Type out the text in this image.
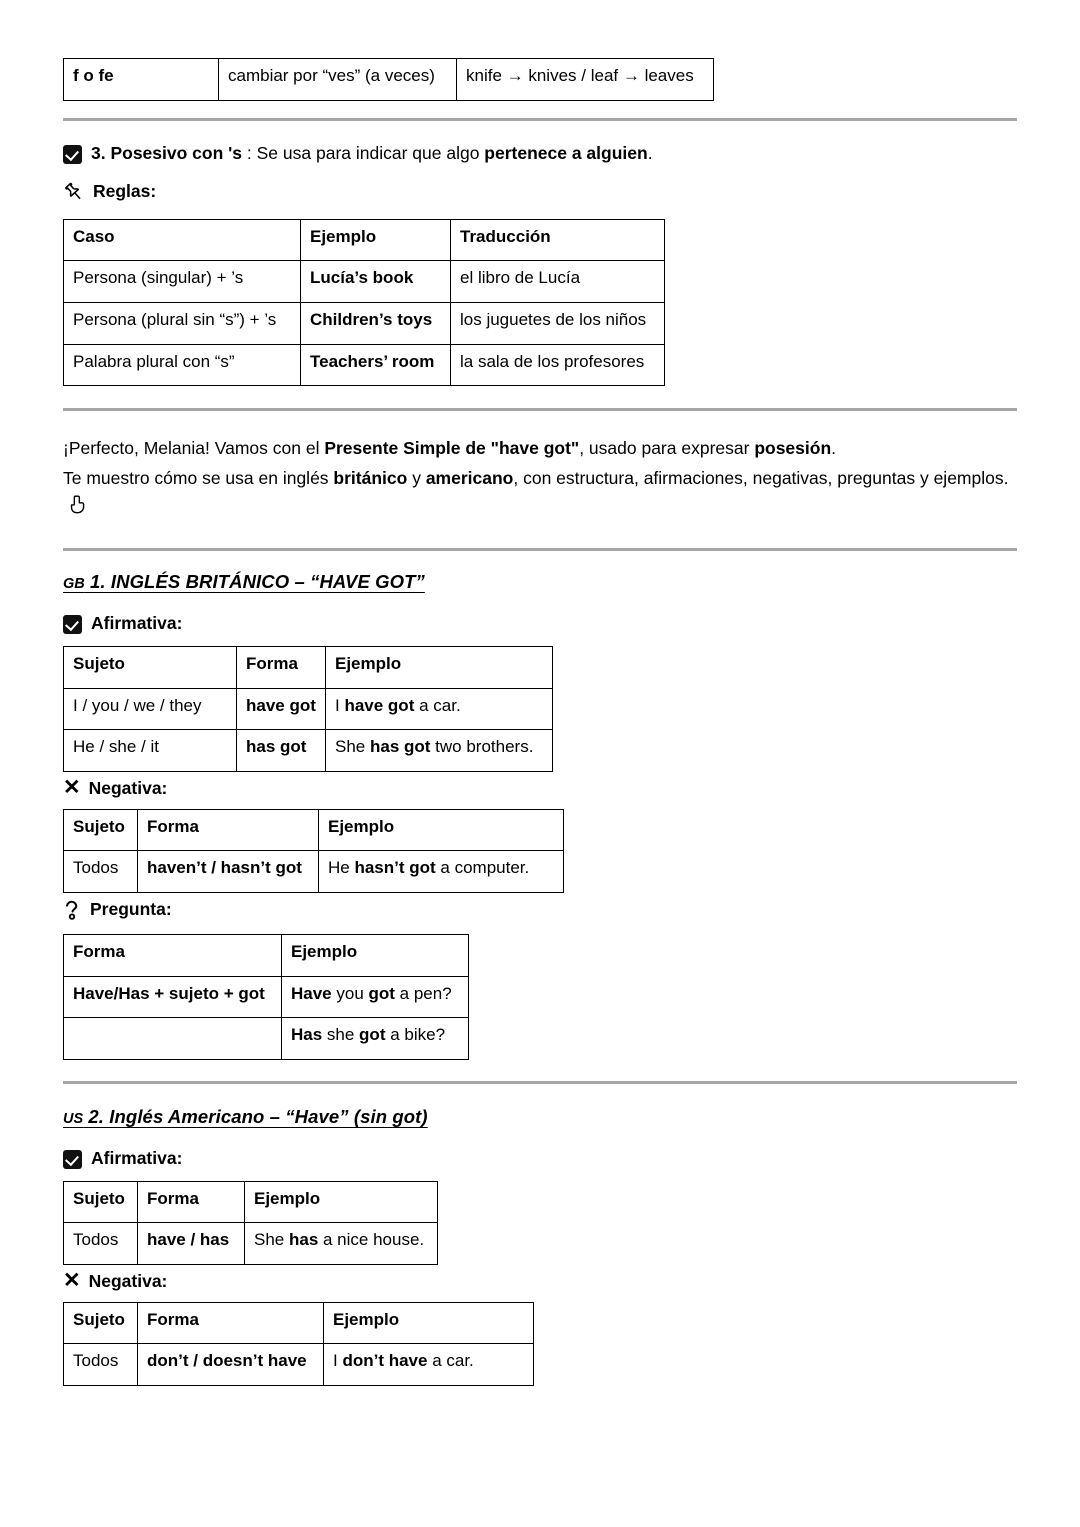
f o fe	cambiar por “ves” (a veces)	knife → knives / leaf → leaves
3. Posesivo con 's : Se usa para indicar que algo pertenece a alguien.
Reglas:
Caso	Ejemplo	Traducción
Persona (singular) + ’s	Lucía’s book	el libro de Lucía
Persona (plural sin “s”) + ’s	Children’s toys	los juguetes de los niños
Palabra plural con “s”	Teachers’ room	la sala de los profesores
¡Perfecto, Melania! Vamos con el Presente Simple de "have got", usado para expresar posesión.
Te muestro cómo se usa en inglés británico y americano, con estructura, afirmaciones, negativas, preguntas y ejemplos.
GB 1. INGLÉS BRITÁNICO – “HAVE GOT”
Afirmativa:
Sujeto	Forma	Ejemplo
I / you / we / they	have got	I have got a car.
He / she / it	has got	She has got two brothers.
✕ Negativa:
Sujeto	Forma	Ejemplo
Todos	haven’t / hasn’t got	He hasn’t got a computer.
Pregunta:
Forma	Ejemplo
Have/Has + sujeto + got	Have you got a pen?
	Has she got a bike?
US 2. Inglés Americano – “Have” (sin got)
Afirmativa:
Sujeto	Forma	Ejemplo
Todos	have / has	She has a nice house.
✕ Negativa:
Sujeto	Forma	Ejemplo
Todos	don’t / doesn’t have	I don’t have a car.
